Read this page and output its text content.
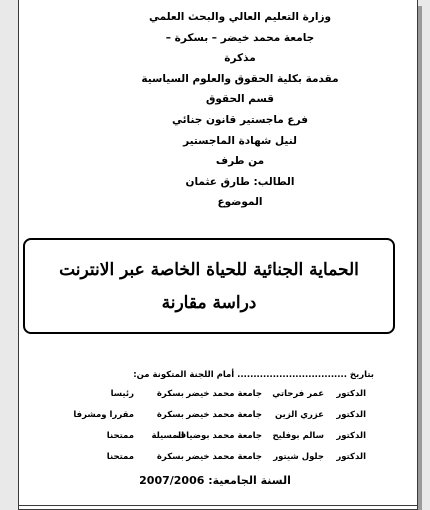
وزارة التعليم العالي والبحث العلمي
جامعة محمد خيضر – بسكرة –
مذكرة
مقدمة بكلية الحقوق والعلوم السياسية
قسم الحقوق
فرع ماجستير قانون جنائي
لنيل شهادة الماجستير
من طرف
الطالب: طارق عثمان
الموضوع
الحماية الجنائية للحياة الخاصة عبر الانترنت
دراسة مقارنة
بتاريخ .................................. أمام اللجنة المتكونة من:
الدكتور
عمر فرحاتي
جامعة محمد خيضر
بسكرة
رئيسا
الدكتور
عزري الزين
جامعة محمد خيضر
بسكرة
مقررا ومشرفا
الدكتور
سالم بوفليح
جامعة محمد بوضياف
المسيلة
ممتحنا
الدكتور
جلول شيتور
جامعة محمد خيضر
بسكرة
ممتحنا
السنة الجامعية: 2007/2006
